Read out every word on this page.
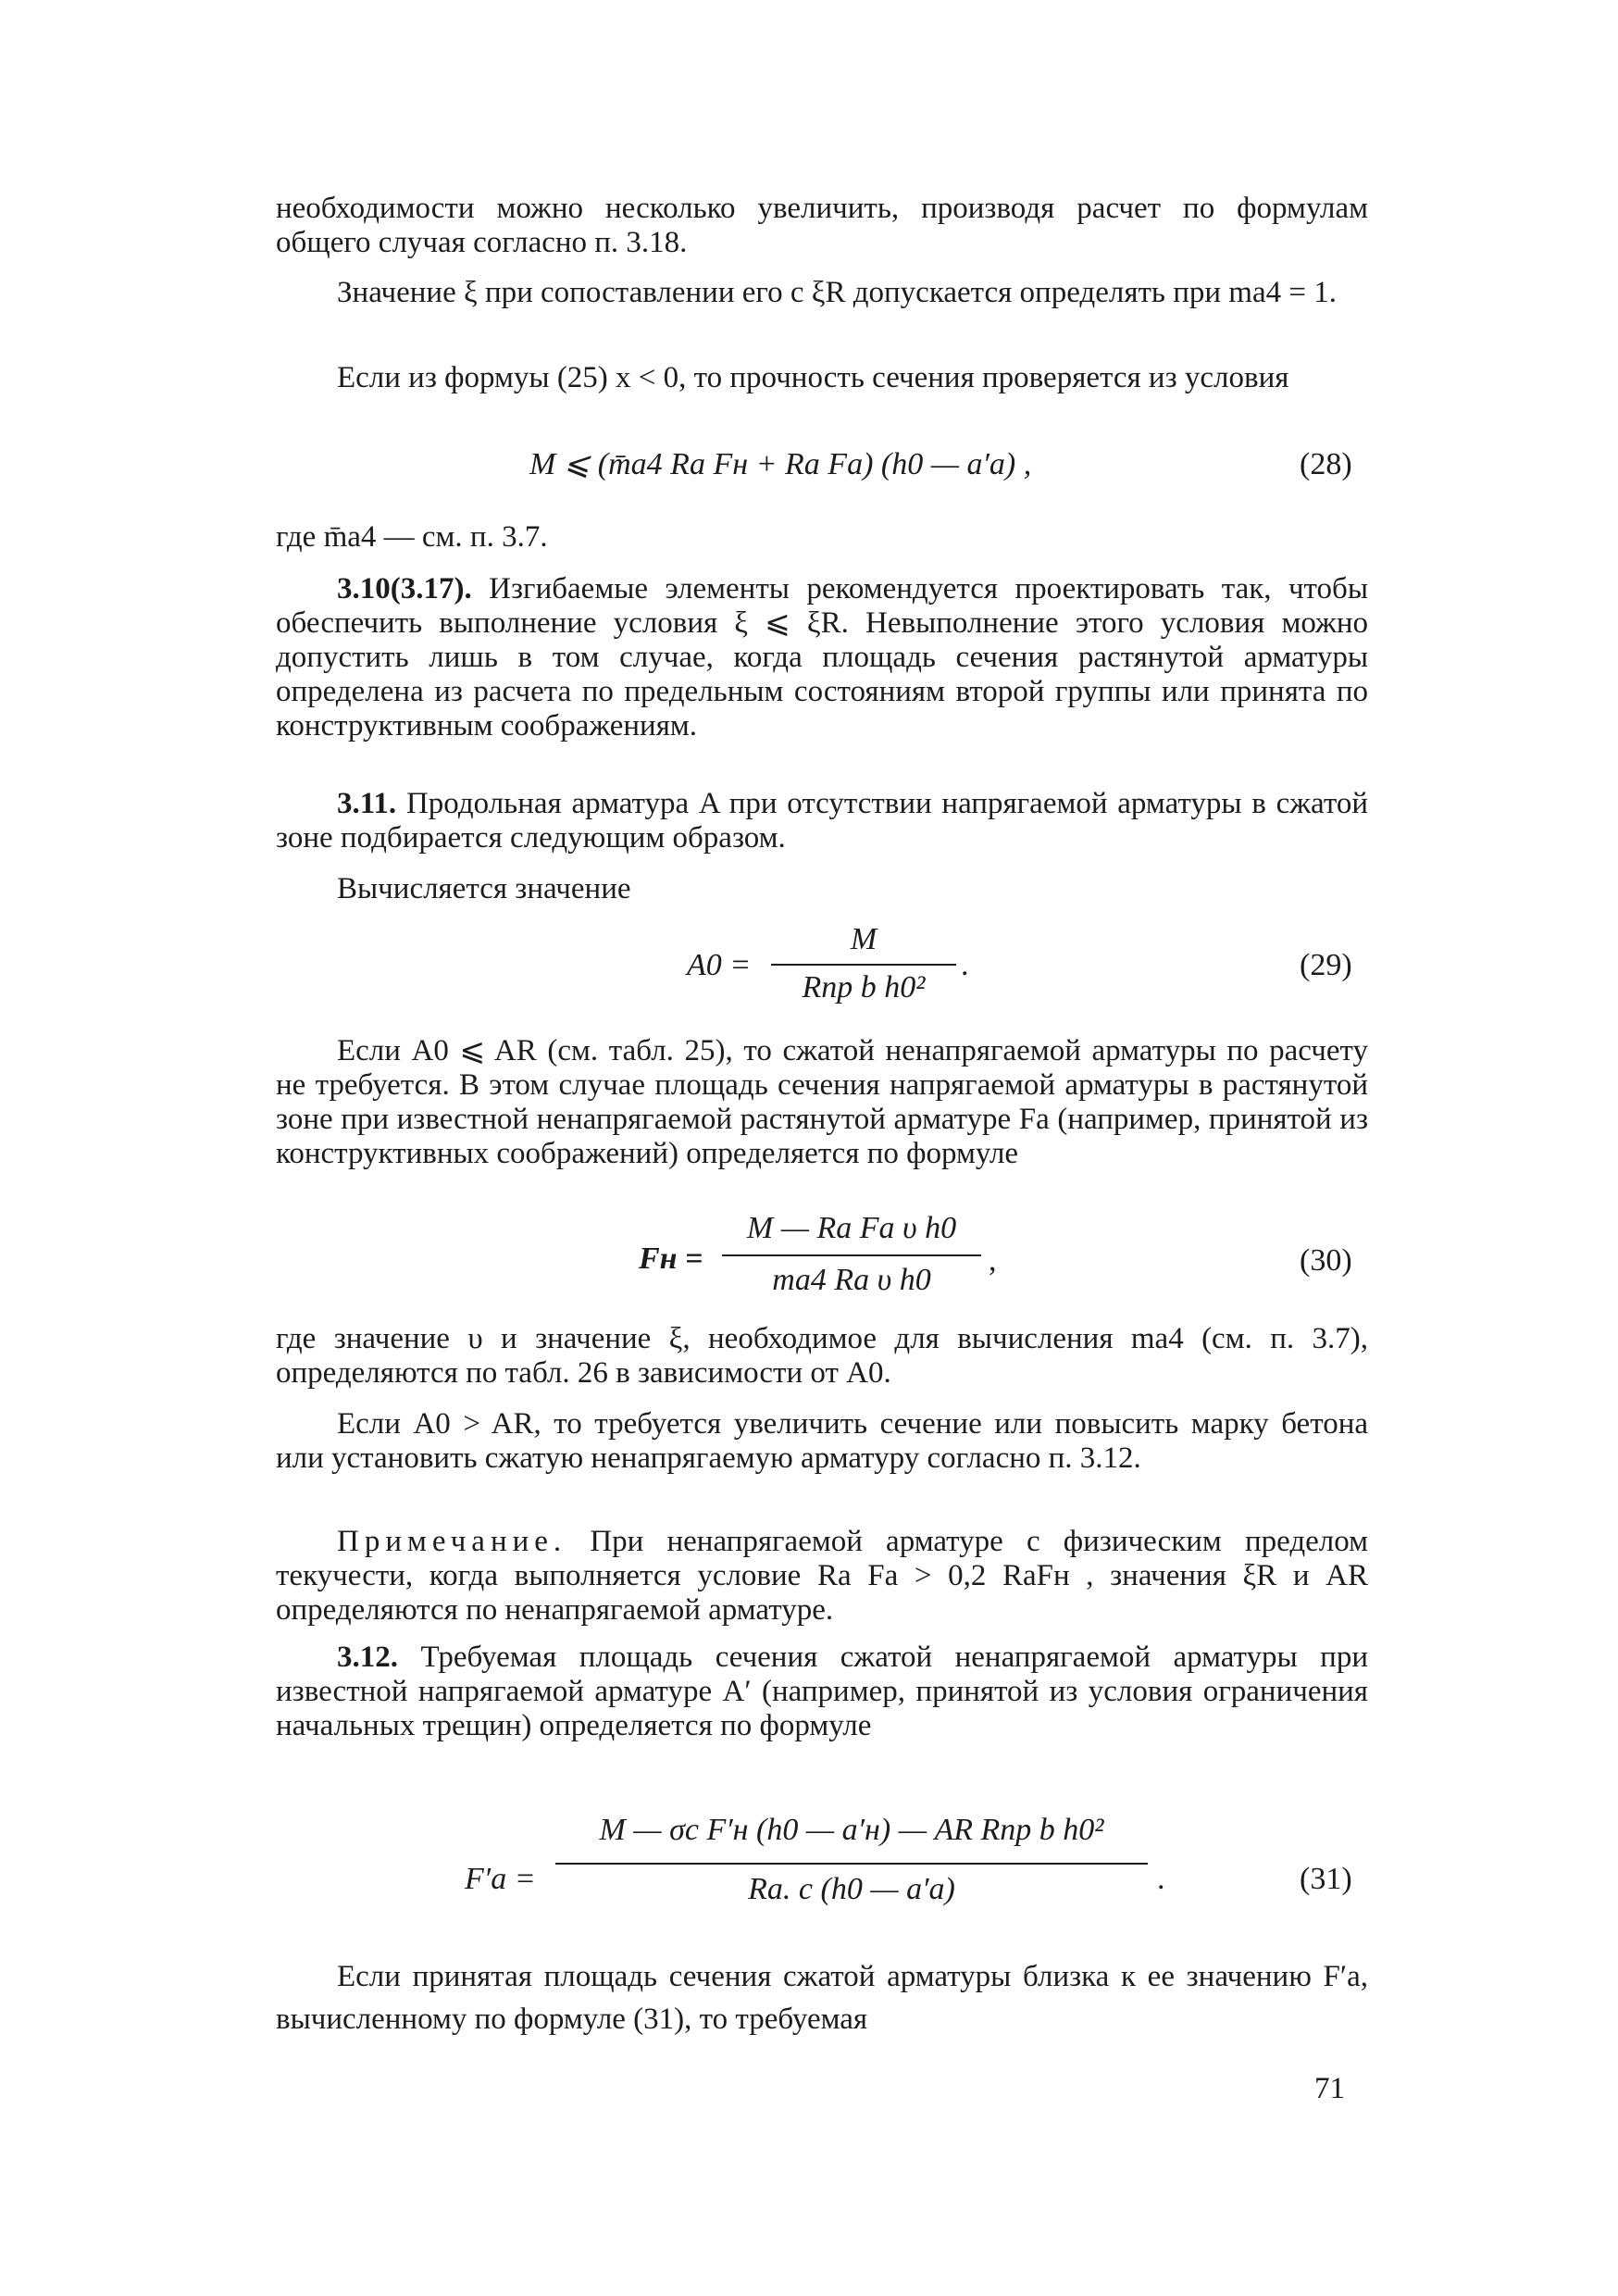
необходимости можно несколько увеличить, производя расчет по формулам общего случая согласно п. 3.18.

Значение ξ при сопоставлении его с ξR допускается определять при ma4 = 1.

Если из формуы (25) x < 0, то прочность сечения проверяется из условия

M ⩽ (m̄a4 Ra Fн + Ra Fa) (h0 — a′a) ,	(28)

где m̄a4 — см. п. 3.7.

3.10(3.17). Изгибаемые элементы рекомендуется проектировать так, чтобы обеспечить выполнение условия ξ ⩽ ξR. Невыполнение этого условия можно допустить лишь в том случае, когда площадь сечения растянутой арматуры определена из расчета по предельным состояниям второй группы или принята по конструктивным соображениям.

3.11. Продольная арматура A при отсутствии напрягаемой арматуры в сжатой зоне подбирается следующим образом.

Вычисляется значение

A0 =
M
Rпр b h0²
.	(29)

Если A0 ⩽ AR (см. табл. 25), то сжатой ненапрягаемой арматуры по расчету не требуется. В этом случае площадь сечения напрягаемой арматуры в растянутой зоне при известной ненапрягаемой растянутой арматуре Fa (например, принятой из конструктивных соображений) определяется по формуле

Fн =
M — Ra Fa υ h0
ma4 Ra υ h0
,	(30)

где значение υ и значение ξ, необходимое для вычисления ma4 (см. п. 3.7), определяются по табл. 26 в зависимости от A0.

Если A0 > AR, то требуется увеличить сечение или повысить марку бетона или установить сжатую ненапрягаемую арматуру согласно п. 3.12.

Примечание. При ненапрягаемой арматуре с физическим пределом текучести, когда выполняется условие Ra Fa > 0,2 RaFн , значения ξR и AR определяются по ненапрягаемой арматуре.

3.12. Требуемая площадь сечения сжатой ненапрягаемой арматуры при известной напрягаемой арматуре A′ (например, принятой из условия ограничения начальных трещин) определяется по формуле

F′a =
M — σc F′н (h0 — a′н) — AR Rпр b h0²
Ra. c (h0 — a′a)	.	(31)

Если принятая площадь сечения сжатой арматуры близка к ее значению F′a, вычисленному по формуле (31), то требуемая

71
